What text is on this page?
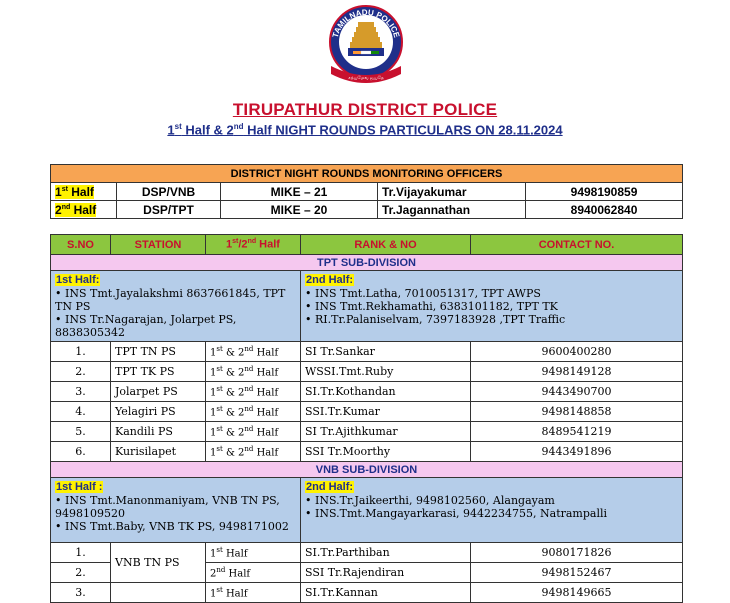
TAMILNADU POLICE
சத்யமேவ ஜயதே
TIRUPATHUR DISTRICT POLICE
1st Half & 2nd Half NIGHT ROUNDS PARTICULARS ON 28.11.2024
DISTRICT NIGHT ROUNDS MONITORING OFFICERS				
1st Half	DSP/VNB	MIKE – 21	Tr.Vijayakumar	9498190859
2nd Half	DSP/TPT	MIKE – 20	Tr.Jagannathan	8940062840
S.NO	STATION	1st/2nd Half	RANK & NO	CONTACT NO.
TPT SUB-DIVISION				
1st Half:
• INS Tmt.Jayalakshmi 8637661845, TPT TN PS
• INS Tr.Nagarajan, Jolarpet PS, 8838305342			2nd Half:
• INS Tmt.Latha, 7010051317, TPT AWPS
• INS Tmt.Rekhamathi, 6383101182, TPT TK
• RI.Tr.Palaniselvam, 7397183928 ,TPT Traffic	
1.	TPT TN PS	1st & 2nd Half	SI Tr.Sankar	9600400280
2.	TPT TK PS	1st & 2nd Half	WSSI.Tmt.Ruby	9498149128
3.	Jolarpet PS	1st & 2nd Half	SI.Tr.Kothandan	9443490700
4.	Yelagiri PS	1st & 2nd Half	SSI.Tr.Kumar	9498148858
5.	Kandili PS	1st & 2nd Half	SI Tr.Ajithkumar	8489541219
6.	Kurisilapet	1st & 2nd Half	SSI Tr.Moorthy	9443491896
VNB SUB-DIVISION				
1st Half :
• INS Tmt.Manonmaniyam, VNB TN PS, 9498109520
• INS Tmt.Baby, VNB TK PS, 9498171002			2nd Half:
• INS.Tr.Jaikeerthi, 9498102560, Alangayam
• INS.Tmt.Mangayarkarasi, 9442234755, Natrampalli	
1.	VNB TN PS	1st Half	SI.Tr.Parthiban	9080171826
2.		2nd Half	SSI Tr.Rajendiran	9498152467
3.		1st Half	SI.Tr.Kannan	9498149665
